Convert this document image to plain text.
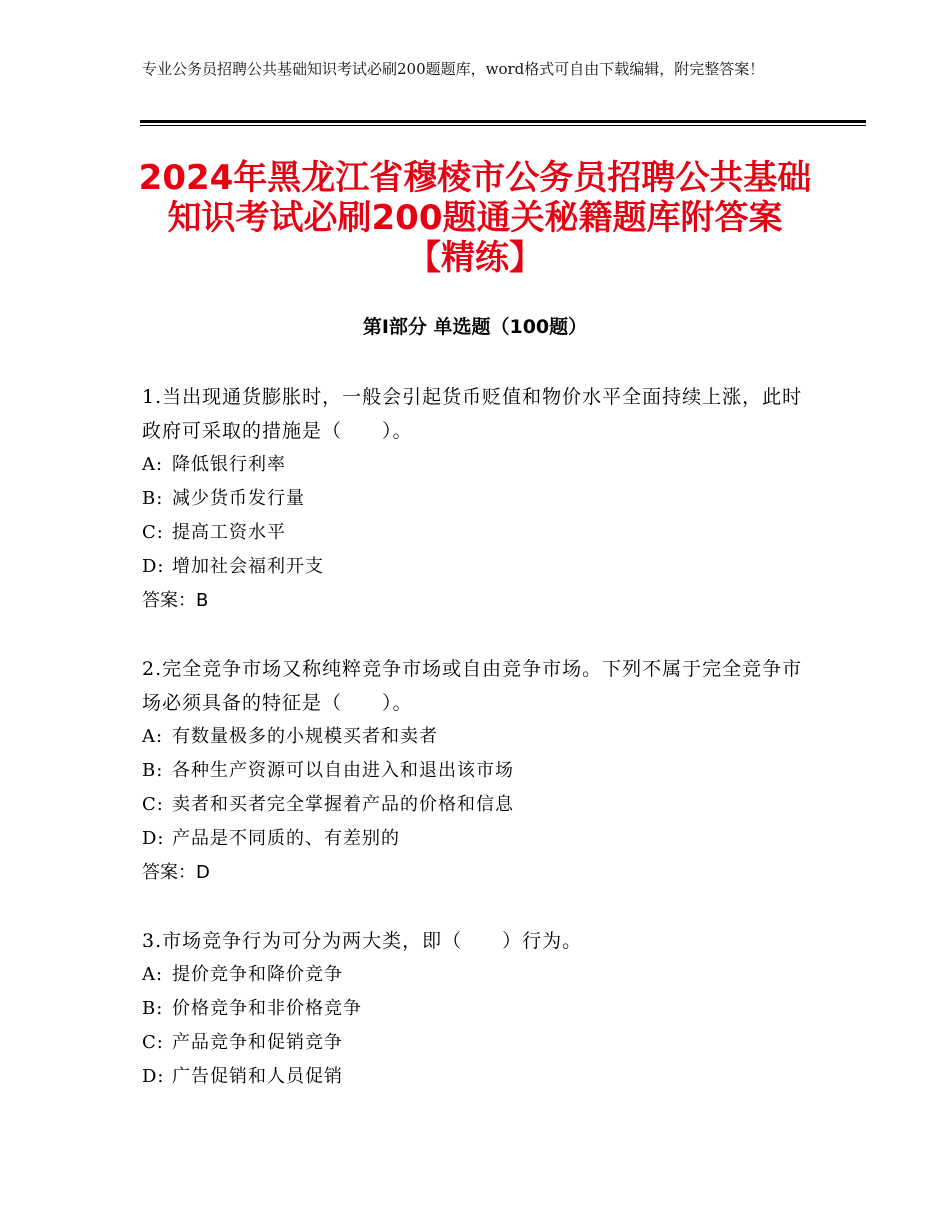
专业公务员招聘公共基础知识考试必刷200题题库，word格式可自由下载编辑，附完整答案！
2024年黑龙江省穆棱市公务员招聘公共基础
知识考试必刷200题通关秘籍题库附答案
【精练】
第Ⅰ部分 单选题（100题）

1.当出现通货膨胀时，一般会引起货币贬值和物价水平全面持续上涨，此时政府可采取的措施是（　　）。

A: 降低银行利率

B: 减少货币发行量

C: 提高工资水平

D: 增加社会福利开支

答案：B

2.完全竞争市场又称纯粹竞争市场或自由竞争市场。下列不属于完全竞争市场必须具备的特征是（　　）。

A: 有数量极多的小规模买者和卖者

B: 各种生产资源可以自由进入和退出该市场

C: 卖者和买者完全掌握着产品的价格和信息

D: 产品是不同质的、有差别的

答案：D

3.市场竞争行为可分为两大类，即（　　）行为。

A: 提价竞争和降价竞争

B: 价格竞争和非价格竞争

C: 产品竞争和促销竞争

D: 广告促销和人员促销
